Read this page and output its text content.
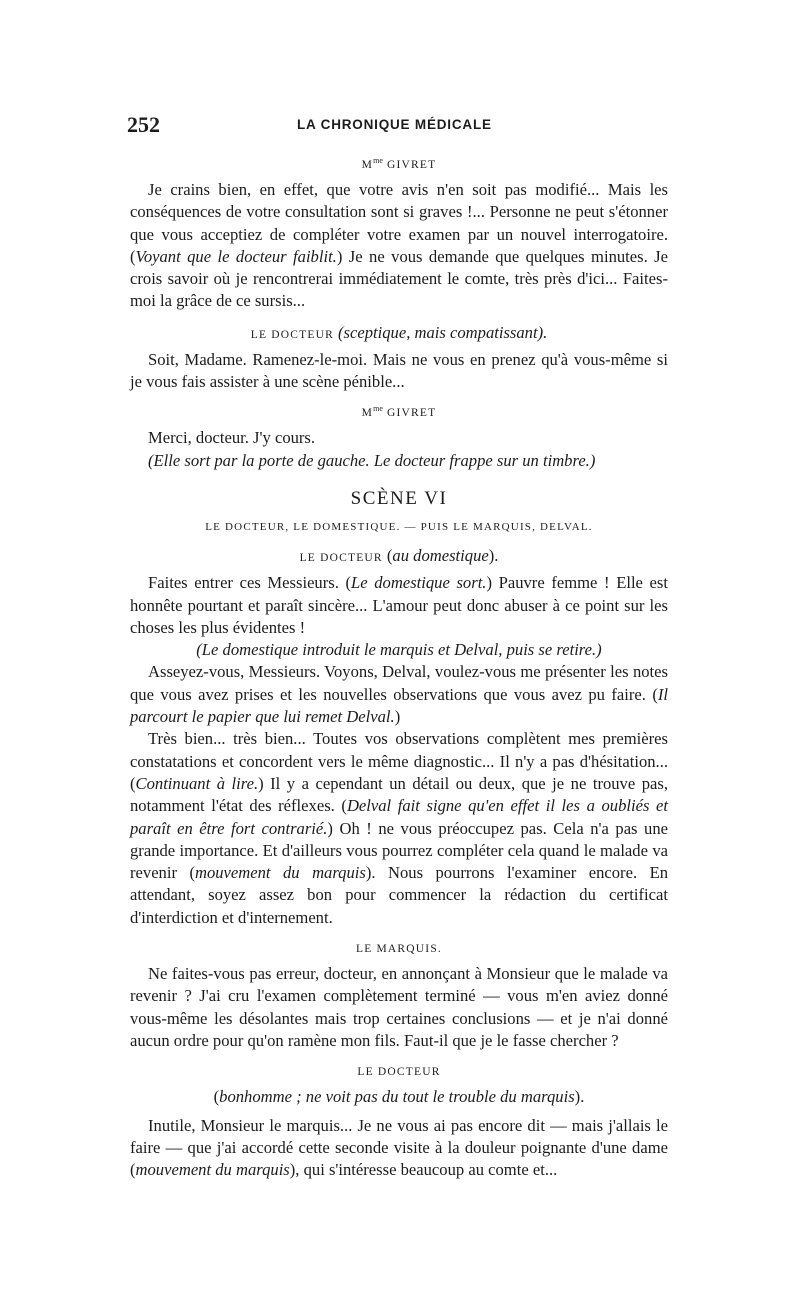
252	LA CHRONIQUE MÉDICALE
$M^{me}$ GIVRET

Je crains bien, en effet, que votre avis n'en soit pas modifié... Mais les conséquences de votre consultation sont si graves !... Personne ne peut s'étonner que vous acceptiez de compléter votre examen par un nouvel interrogatoire. (Voyant que le docteur faiblit.) Je ne vous demande que quelques minutes. Je crois savoir où je rencontrerai immédiatement le comte, très près d'ici... Faites-moi la grâce de ce sursis...

LE DOCTEUR (sceptique, mais compatissant).

Soit, Madame. Ramenez-le-moi. Mais ne vous en prenez qu'à vous-même si je vous fais assister à une scène pénible...

$M^{me}$ GIVRET

Merci, docteur. J'y cours.

(Elle sort par la porte de gauche. Le docteur frappe sur un timbre.)

SCÈNE VI
LE DOCTEUR, LE DOMESTIQUE. — PUIS LE MARQUIS, DELVAL.
LE DOCTEUR (au domestique).

Faites entrer ces Messieurs. (Le domestique sort.) Pauvre femme ! Elle est honnête pourtant et paraît sincère... L'amour peut donc abuser à ce point sur les choses les plus évidentes !

(Le domestique introduit le marquis et Delval, puis se retire.)

Asseyez-vous, Messieurs. Voyons, Delval, voulez-vous me présenter les notes que vous avez prises et les nouvelles observations que vous avez pu faire. (Il parcourt le papier que lui remet Delval.)

Très bien... très bien... Toutes vos observations complètent mes premières constatations et concordent vers le même diagnostic... Il n'y a pas d'hésitation... (Continuant à lire.) Il y a cependant un détail ou deux, que je ne trouve pas, notamment l'état des réflexes. (Delval fait signe qu'en effet il les a oubliés et paraît en être fort contrarié.) Oh ! ne vous préoccupez pas. Cela n'a pas une grande importance. Et d'ailleurs vous pourrez compléter cela quand le malade va revenir (mouvement du marquis). Nous pourrons l'examiner encore. En attendant, soyez assez bon pour commencer la rédaction du certificat d'interdiction et d'internement.

LE MARQUIS.

Ne faites-vous pas erreur, docteur, en annonçant à Monsieur que le malade va revenir ? J'ai cru l'examen complètement terminé — vous m'en aviez donné vous-même les désolantes mais trop certaines conclusions — et je n'ai donné aucun ordre pour qu'on ramène mon fils. Faut-il que je le fasse chercher ?

LE DOCTEUR
(bonhomme ; ne voit pas du tout le trouble du marquis).

Inutile, Monsieur le marquis... Je ne vous ai pas encore dit — mais j'allais le faire — que j'ai accordé cette seconde visite à la douleur poignante d'une dame (mouvement du marquis), qui s'intéresse beaucoup au comte et...
